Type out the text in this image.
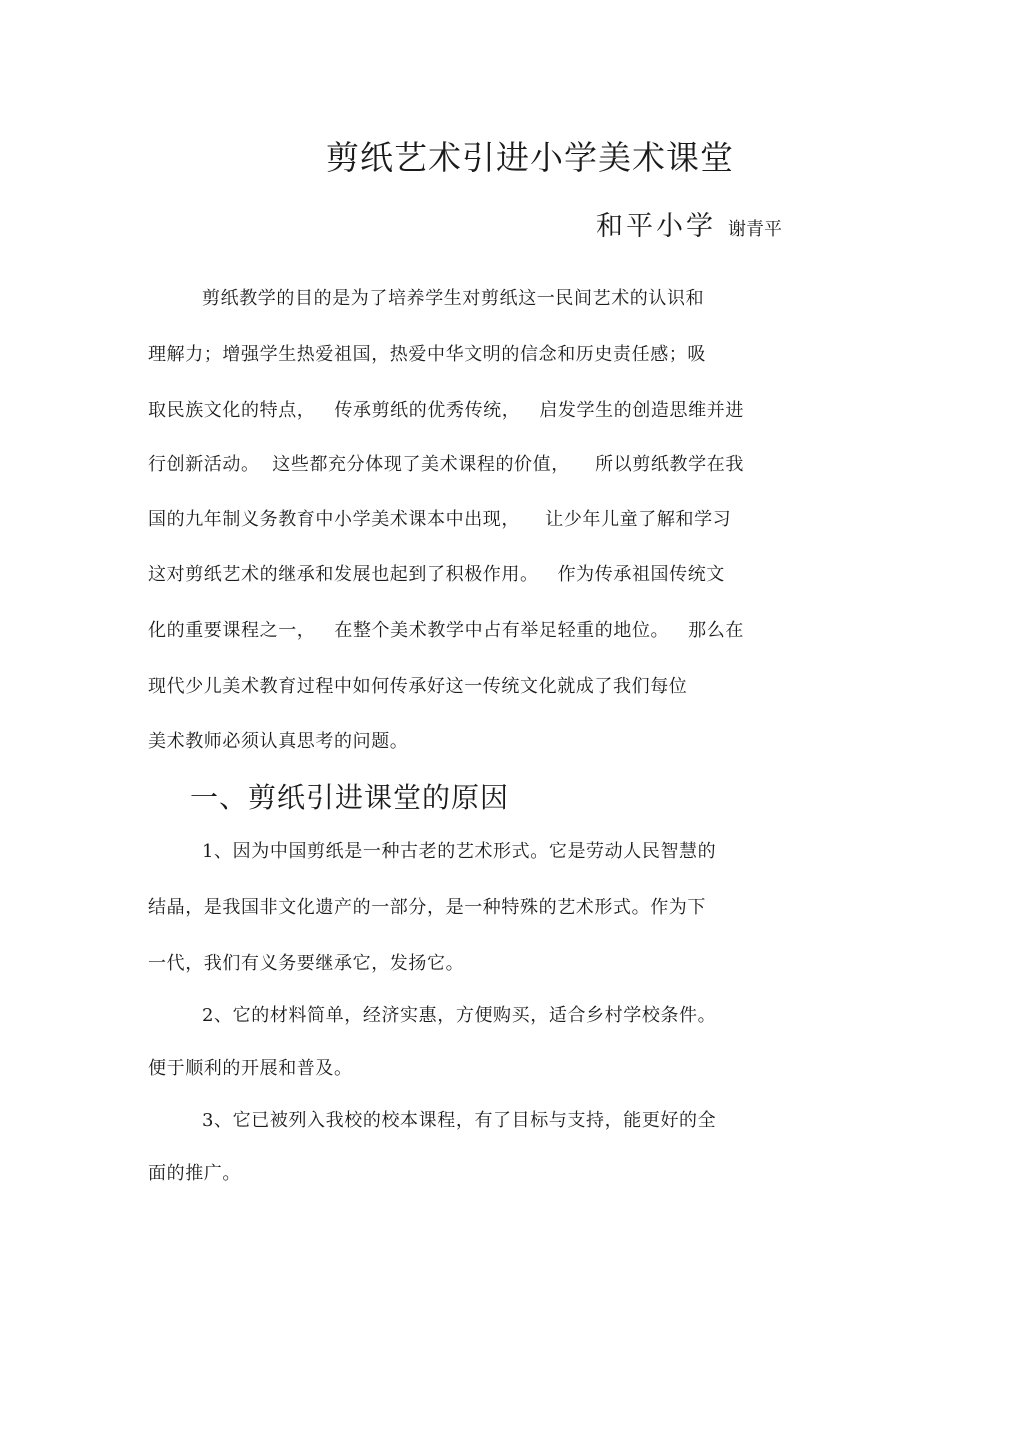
剪纸艺术引进小学美术课堂
和平小学 谢青平
剪纸教学的目的是为了培养学生对剪纸这一民间艺术的认识和
理解力；增强学生热爱祖国，热爱中华文明的信念和历史责任感；吸
取民族文化的特点，   传承剪纸的优秀传统，   启发学生的创造思维并进
行创新活动。  这些都充分体现了美术课程的价值，    所以剪纸教学在我
国的九年制义务教育中小学美术课本中出现，    让少年儿童了解和学习
这对剪纸艺术的继承和发展也起到了积极作用。   作为传承祖国传统文
化的重要课程之一，   在整个美术教学中占有举足轻重的地位。   那么在
现代少儿美术教育过程中如何传承好这一传统文化就成了我们每位
美术教师必须认真思考的问题。
一、剪纸引进课堂的原因
1、因为中国剪纸是一种古老的艺术形式。它是劳动人民智慧的
结晶，是我国非文化遗产的一部分，是一种特殊的艺术形式。作为下
一代，我们有义务要继承它，发扬它。
2、它的材料简单，经济实惠，方便购买，适合乡村学校条件。
便于顺利的开展和普及。
3、它已被列入我校的校本课程，有了目标与支持，能更好的全
面的推广。
